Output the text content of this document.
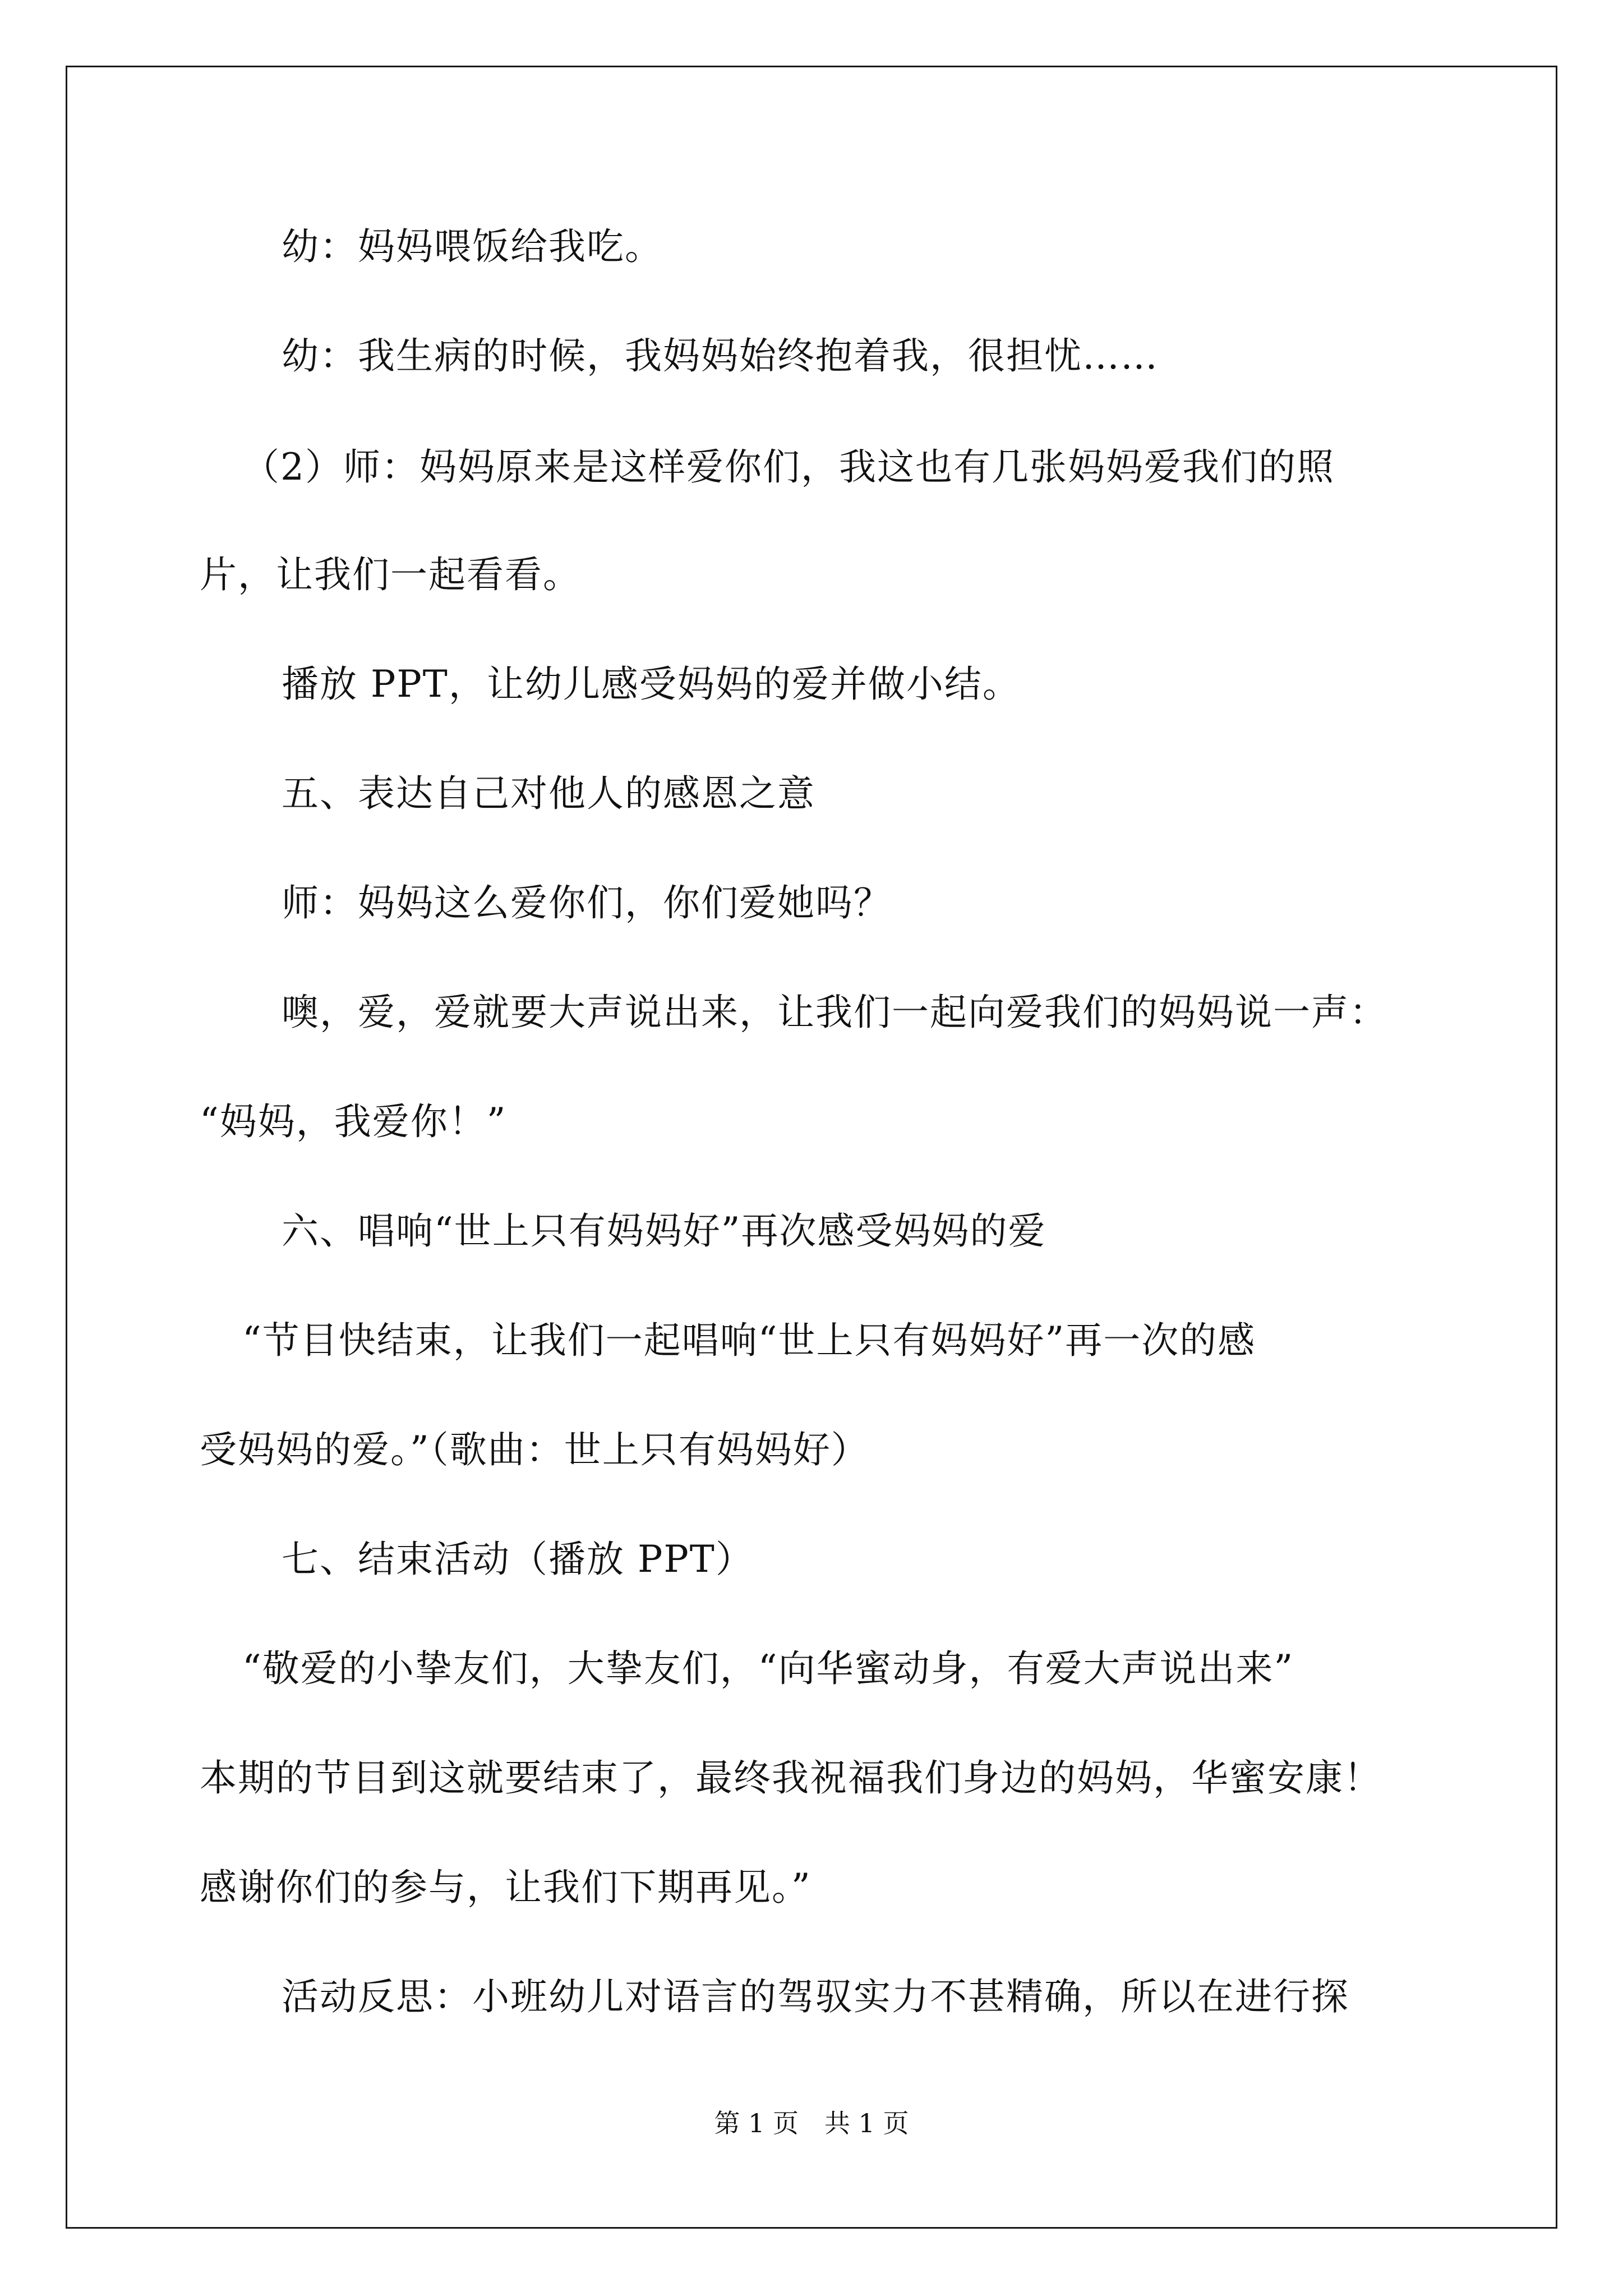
幼：妈妈喂饭给我吃。
幼：我生病的时候，我妈妈始终抱着我，很担忧……
（2）师：妈妈原来是这样爱你们，我这也有几张妈妈爱我们的照
片，让我们一起看看。
播放 PPT，让幼儿感受妈妈的爱并做小结。
五、表达自己对他人的感恩之意
师：妈妈这么爱你们，你们爱她吗？
噢，爱，爱就要大声说出来，让我们一起向爱我们的妈妈说一声：
“妈妈，我爱你！”
六、唱响“世上只有妈妈好”再次感受妈妈的爱
“节目快结束，让我们一起唱响“世上只有妈妈好”再一次的感
受妈妈的爱。”（歌曲：世上只有妈妈好）
七、结束活动（播放 PPT）
“敬爱的小挚友们，大挚友们，“向华蜜动身，有爱大声说出来”
本期的节目到这就要结束了，最终我祝福我们身边的妈妈，华蜜安康！
感谢你们的参与，让我们下期再见。”
活动反思：小班幼儿对语言的驾驭实力不甚精确，所以在进行探
第 1 页　共 1 页
